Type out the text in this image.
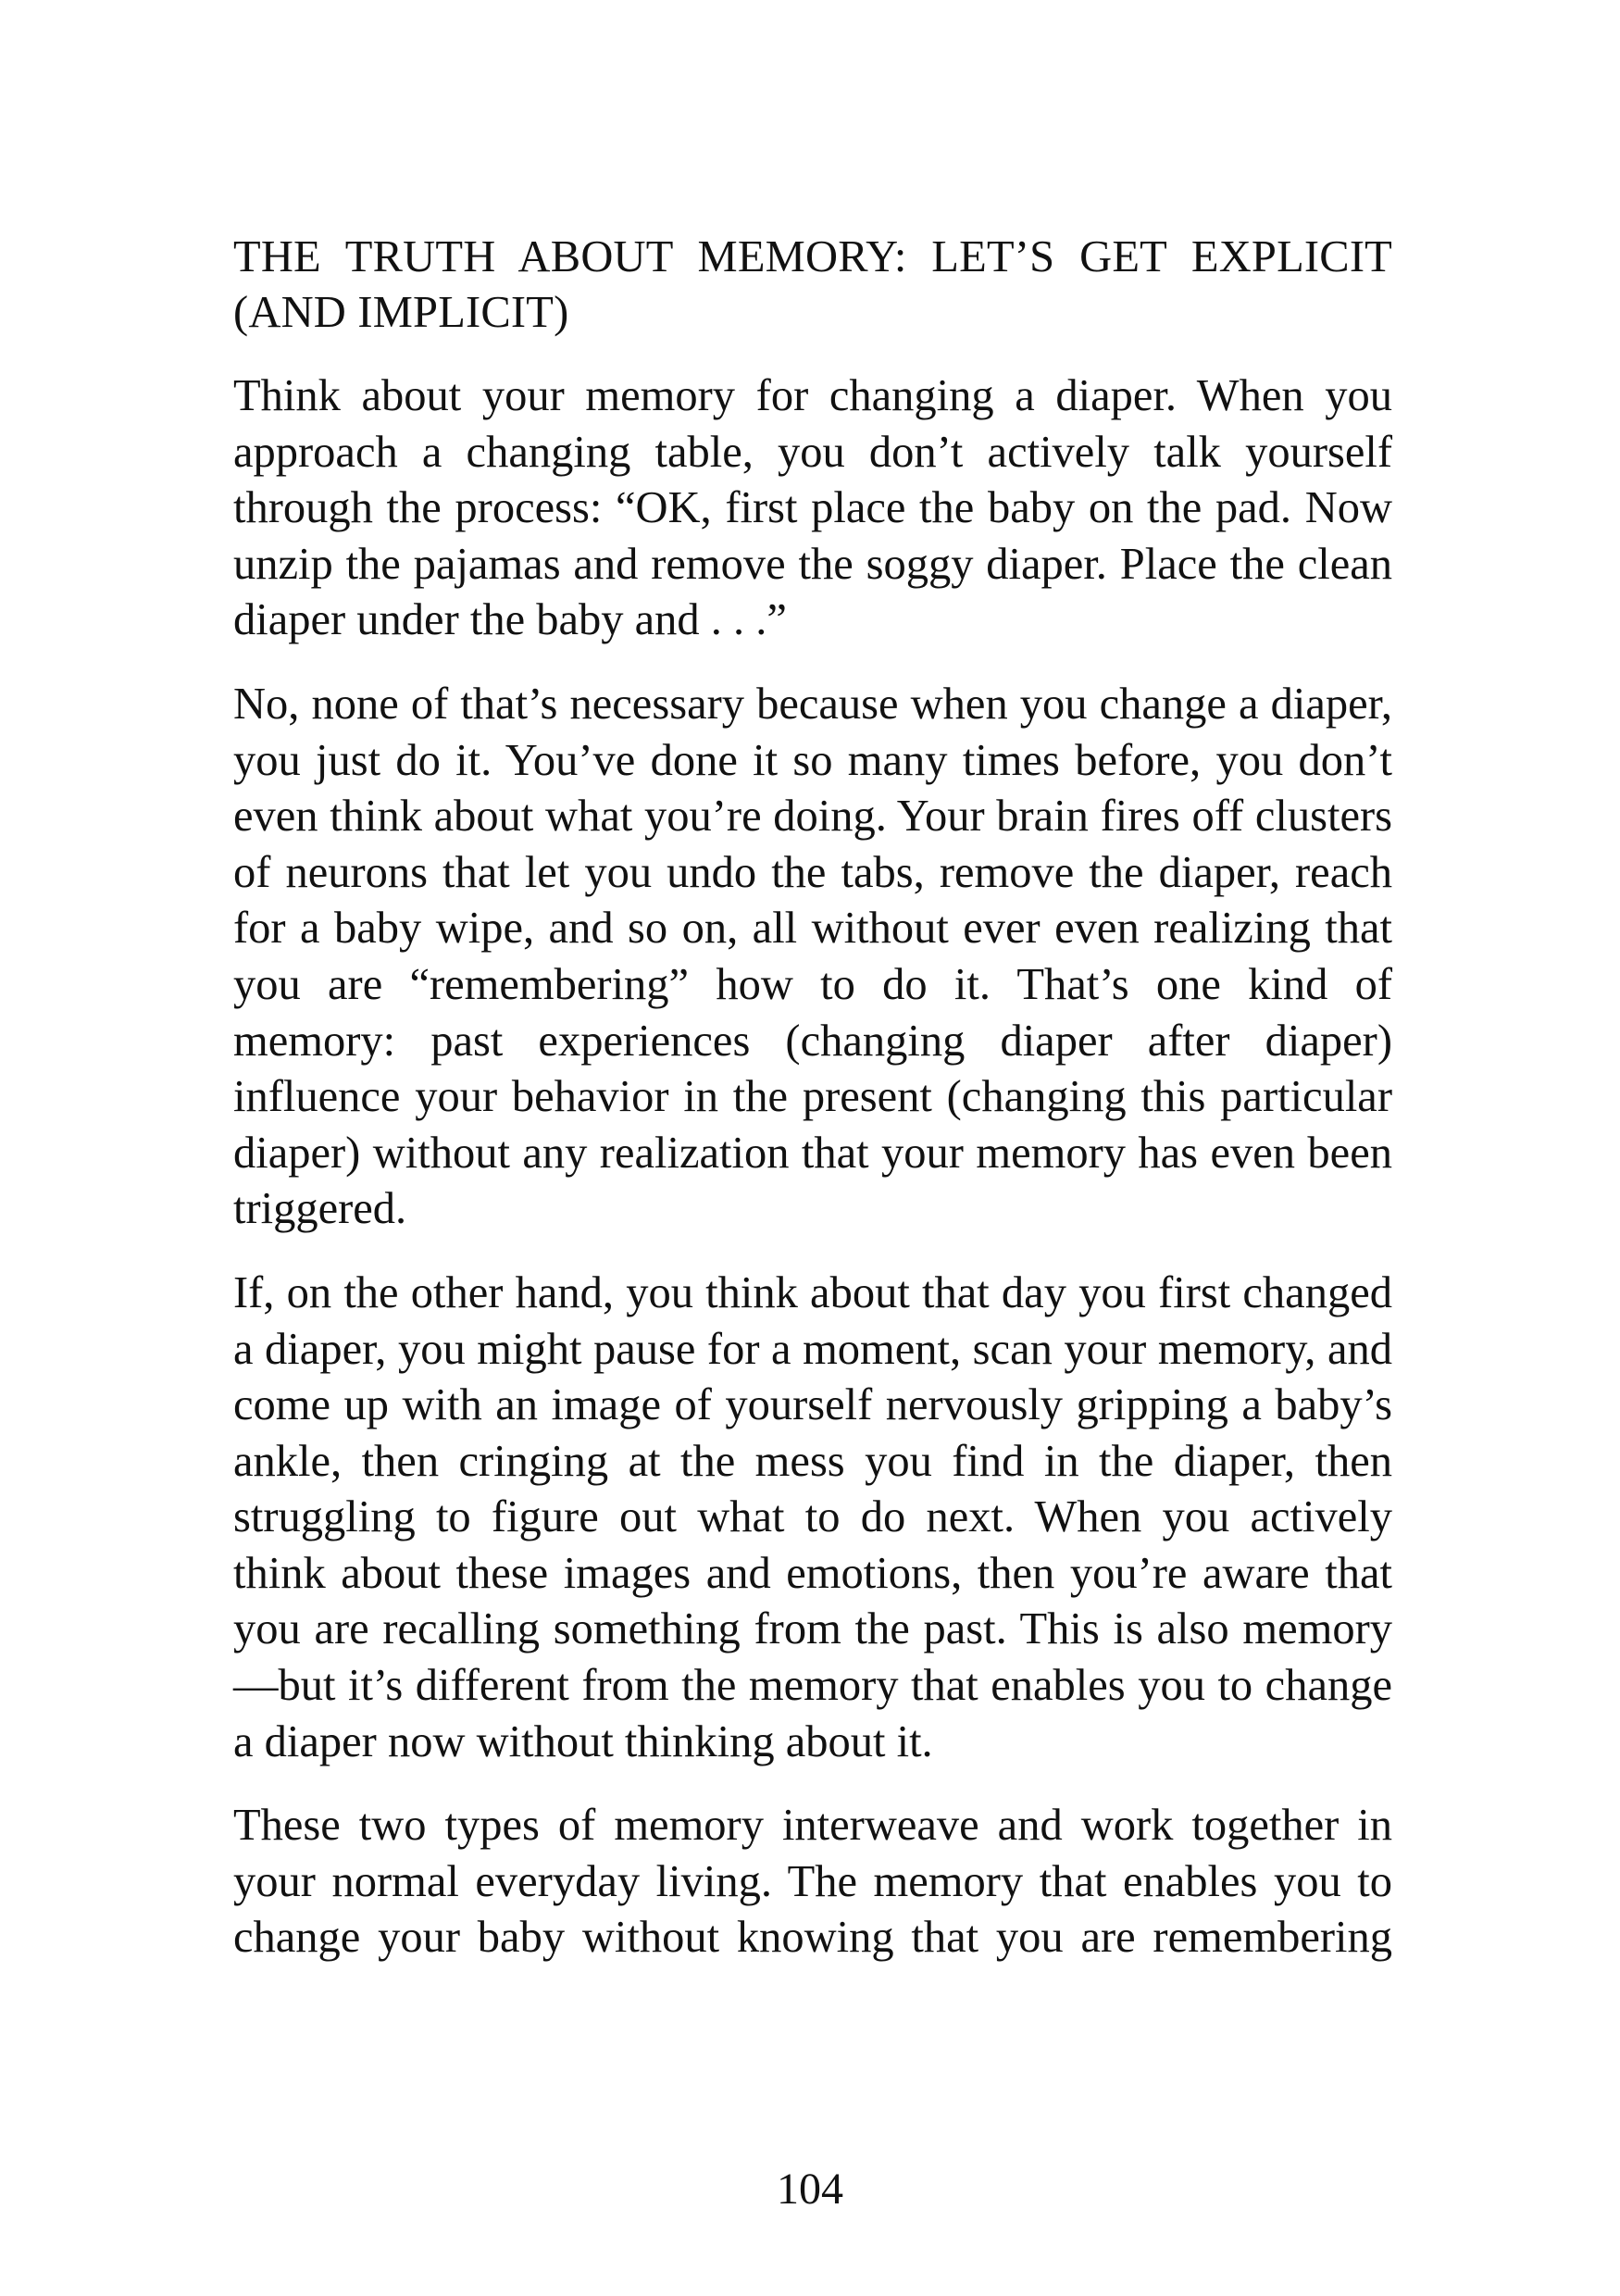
THE TRUTH ABOUT MEMORY: LET’S GET EXPLICIT (AND IMPLICIT)

Think about your memory for changing a diaper. When you approach a changing table, you don’t actively talk yourself through the process: “OK, first place the baby on the pad. Now unzip the pajamas and remove the soggy diaper. Place the clean diaper under the baby and . . .”

No, none of that’s necessary because when you change a diaper, you just do it. You’ve done it so many times before, you don’t even think about what you’re doing. Your brain fires off clusters of neurons that let you undo the tabs, remove the diaper, reach for a baby wipe, and so on, all without ever even realizing that you are “remembering” how to do it. That’s one kind of memory: past experiences (changing diaper after diaper) influence your behavior in the present (changing this particular diaper) without any realization that your memory has even been triggered.

If, on the other hand, you think about that day you first changed a diaper, you might pause for a moment, scan your memory, and come up with an image of yourself nervously gripping a baby’s ankle, then cringing at the mess you find in the diaper, then struggling to figure out what to do next. When you actively think about these images and emotions, then you’re aware that you are recalling something from the past. This is also memory—but it’s different from the memory that enables you to change a diaper now without thinking about it.

These two types of memory interweave and work together in your normal everyday living. The memory that enables you to change your baby without knowing that you are remembering

104
